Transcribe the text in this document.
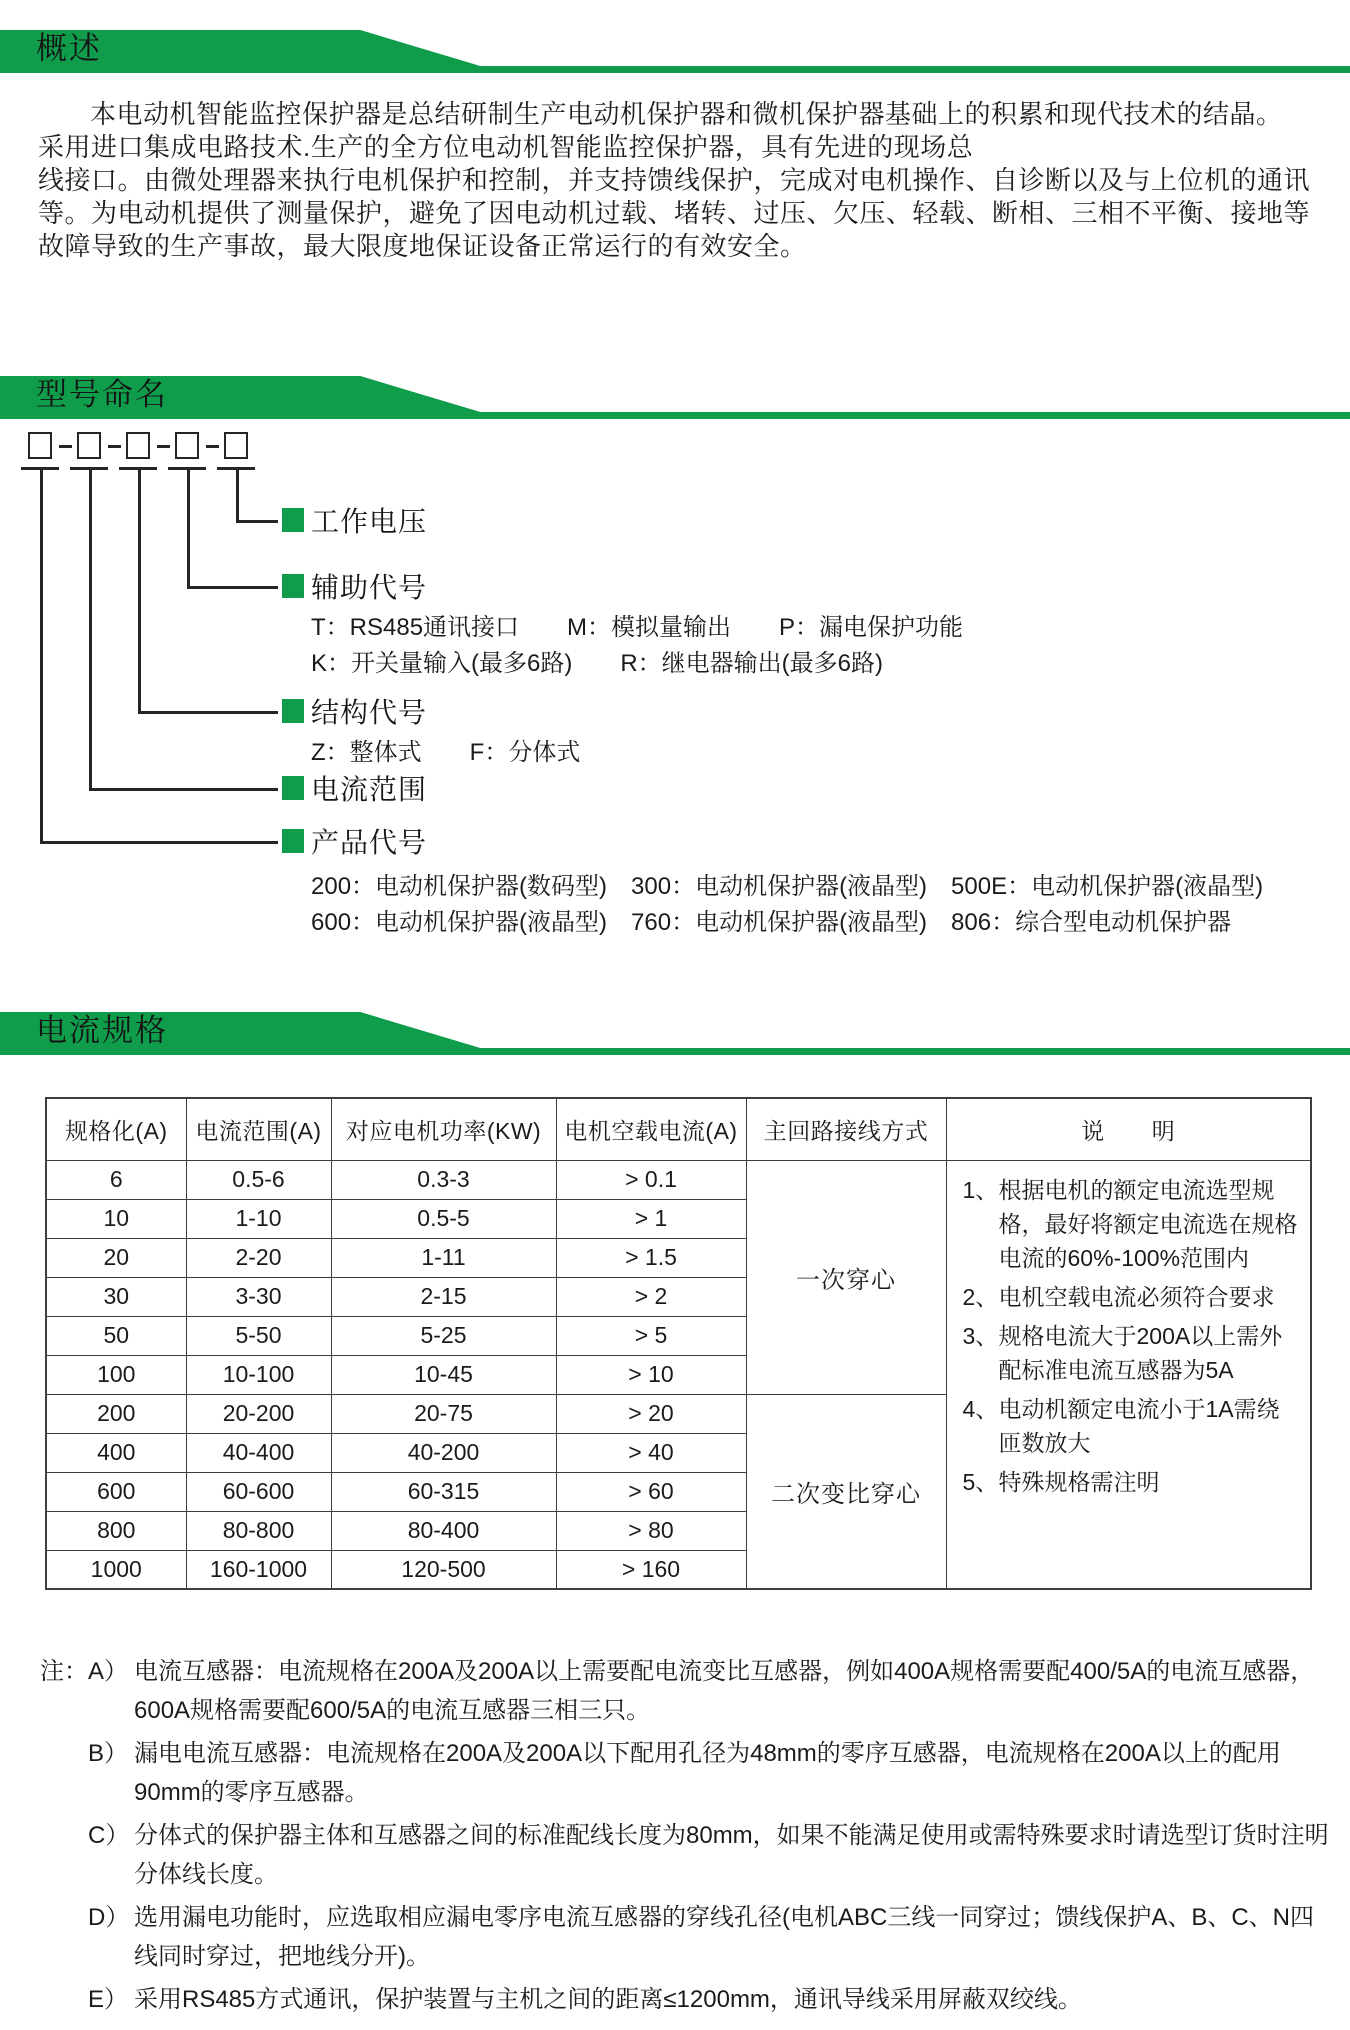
概述
本电动机智能监控保护器是总结研制生产电动机保护器和微机保护器基础上的积累和现代技术的结晶。
采用进口集成电路技术.生产的全方位电动机智能监控保护器，具有先进的现场总
线接口。由微处理器来执行电机保护和控制，并支持馈线保护，完成对电机操作、自诊断以及与上位机的通讯
等。为电动机提供了测量保护，避免了因电动机过载、堵转、过压、欠压、轻载、断相、三相不平衡、接地等
故障导致的生产事故，最大限度地保证设备正常运行的有效安全。
型号命名
工作电压
辅助代号
T：RS485通讯接口　　M：模拟量输出　　P：漏电保护功能
K：开关量输入(最多6路)　　R：继电器输出(最多6路)
结构代号
Z：整体式　　F：分体式
电流范围
产品代号
200：电动机保护器(数码型)　300：电动机保护器(液晶型)　500E：电动机保护器(液晶型)
600：电动机保护器(液晶型)　760：电动机保护器(液晶型)　806：综合型电动机保护器
电流规格
规格化(A)	电流范围(A)	对应电机功率(KW)	电机空载电流(A)	主回路接线方式	说　　明
6	0.5-6	0.3-3	> 0.1	一次穿心	
1、 根据电机的额定电流选型规格，最好将额定电流选在规格电流的60%-100%范围内
2、 电机空载电流必须符合要求
3、 规格电流大于200A以上需外配标准电流互感器为5A
4、 电动机额定电流小于1A需绕匝数放大
5、 特殊规格需注明

10	1-10	0.5-5	> 1		
20	2-20	1-11	> 1.5		
30	3-30	2-15	> 2		
50	5-50	5-25	> 5		
100	10-100	10-45	> 10		
200	20-200	20-75	> 20	二次变比穿心	
400	40-400	40-200	> 40		
600	60-600	60-315	> 60		
800	80-800	80-400	> 80		
1000	160-1000	120-500	> 160		
注： A） 电流互感器：电流规格在200A及200A以上需要配电流变比互感器，例如400A规格需要配400/5A的电流互感器，600A规格需要配600/5A的电流互感器三相三只。
B） 漏电电流互感器：电流规格在200A及200A以下配用孔径为48mm的零序互感器，电流规格在200A以上的配用90mm的零序互感器。
C） 分体式的保护器主体和互感器之间的标准配线长度为80mm，如果不能满足使用或需特殊要求时请选型订货时注明分体线长度。
D） 选用漏电功能时，应选取相应漏电零序电流互感器的穿线孔径(电机ABC三线一同穿过；馈线保护A、B、C、N四线同时穿过，把地线分开)。
E） 采用RS485方式通讯，保护装置与主机之间的距离≤1200mm，通讯导线采用屏蔽双绞线。
